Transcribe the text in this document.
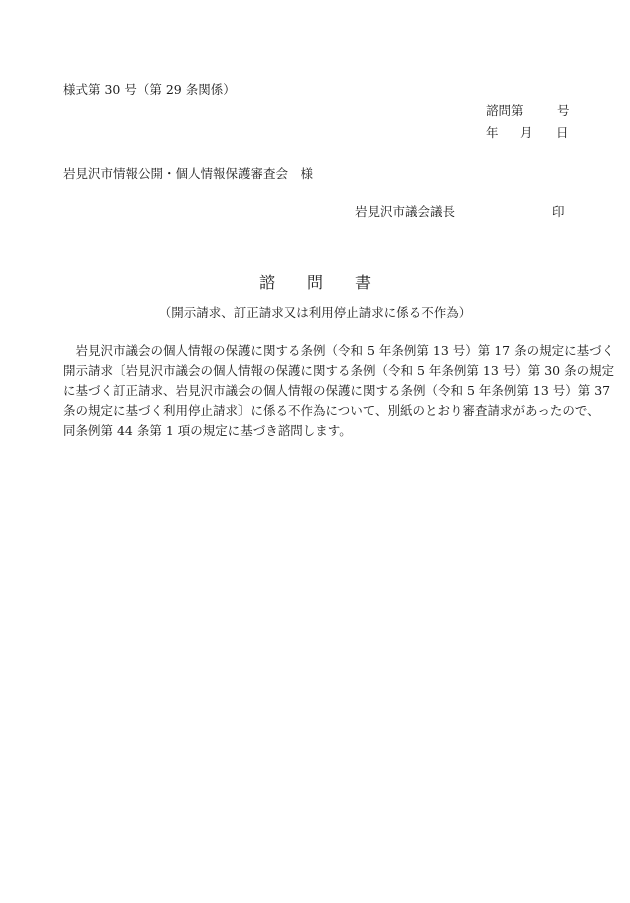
様式第 30 号（第 29 条関係）
諮問第	号
年 月 日
岩見沢市情報公開・個人情報保護審査会　様
岩見沢市議会議長	印
諮　　問　　書
（開示請求、訂正請求又は利用停止請求に係る不作為）
　岩見沢市議会の個人情報の保護に関する条例（令和 5 年条例第 13 号）第 17 条の規定に基づく
開示請求〔岩見沢市議会の個人情報の保護に関する条例（令和 5 年条例第 13 号）第 30 条の規定
に基づく訂正請求、岩見沢市議会の個人情報の保護に関する条例（令和 5 年条例第 13 号）第 37
条の規定に基づく利用停止請求〕に係る不作為について、別紙のとおり審査請求があったので、
同条例第 44 条第 1 項の規定に基づき諮問します。
